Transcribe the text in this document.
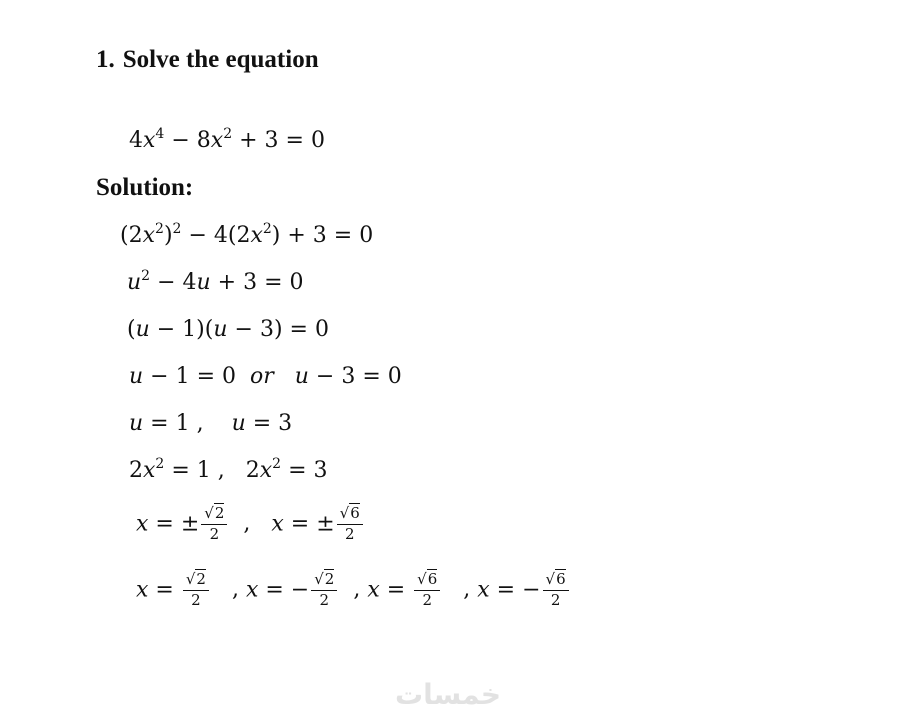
1. Solve the equation
$4x^4 - 8x^2 + 3 = 0$
Solution:
$(2x^2)^2 - 4(2x^2) + 3 = 0$
$u^2 - 4u + 3 = 0$
(u − 1)(u − 3) = 0
u − 1 = 0  or u − 3 = 0
u = 1 ,    u = 3
$2x^2 = 1$ ,   $2x^2 = 3$
x = ± $\frac{√2}{2}$ ,   x = ± $\frac{√6}{2}$
$x = \frac{√2}{2}$ , x = − $\frac{√2}{2}$ , $x = \frac{√6}{2}$ , x = − $\frac{√6}{2}$
خمسات
